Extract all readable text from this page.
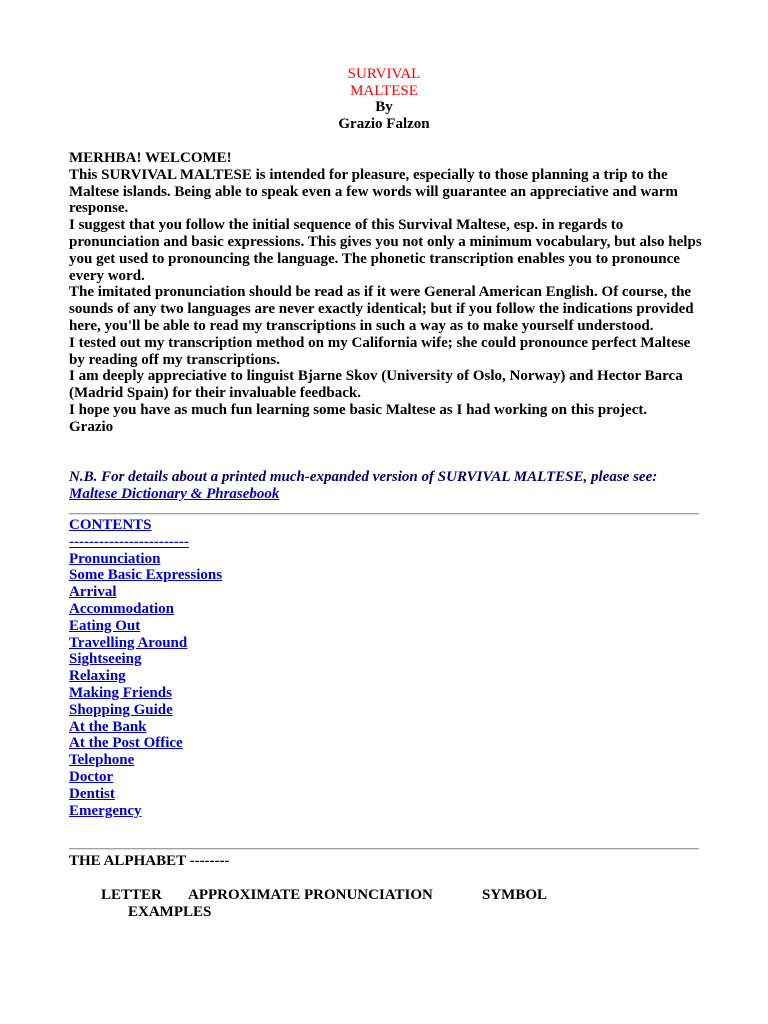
SURVIVAL
MALTESE
By
Grazio Falzon

MERHBA! WELCOME!

This SURVIVAL MALTESE is intended for pleasure, especially to those planning a trip to the Maltese islands. Being able to speak even a few words will guarantee an appreciative and warm response.

I suggest that you follow the initial sequence of this Survival Maltese, esp. in regards to pronunciation and basic expressions. This gives you not only a minimum vocabulary, but also helps you get used to pronouncing the language. The phonetic transcription enables you to pronounce every word.

The imitated pronunciation should be read as if it were General American English. Of course, the sounds of any two languages are never exactly identical; but if you follow the indications provided here, you'll be able to read my transcriptions in such a way as to make yourself understood.

I tested out my transcription method on my California wife; she could pronounce perfect Maltese by reading off my transcriptions.

I am deeply appreciative to linguist Bjarne Skov (University of Oslo, Norway) and Hector Barca (Madrid Spain) for their invaluable feedback.

I hope you have as much fun learning some basic Maltese as I had working on this project.

Grazio

N.B. For details about a printed much-expanded version of SURVIVAL MALTESE, please see:
Maltese Dictionary & Phrasebook
CONTENTS
------------------------
Pronunciation
Some Basic Expressions
Arrival
Accommodation
Eating Out
Travelling Around
Sightseeing
Relaxing
Making Friends
Shopping Guide
At the Bank
At the Post Office
Telephone
Doctor
Dentist
Emergency
THE ALPHABET --------
LETTER APPROXIMATE PRONUNCIATION	SYMBOL
EXAMPLES
